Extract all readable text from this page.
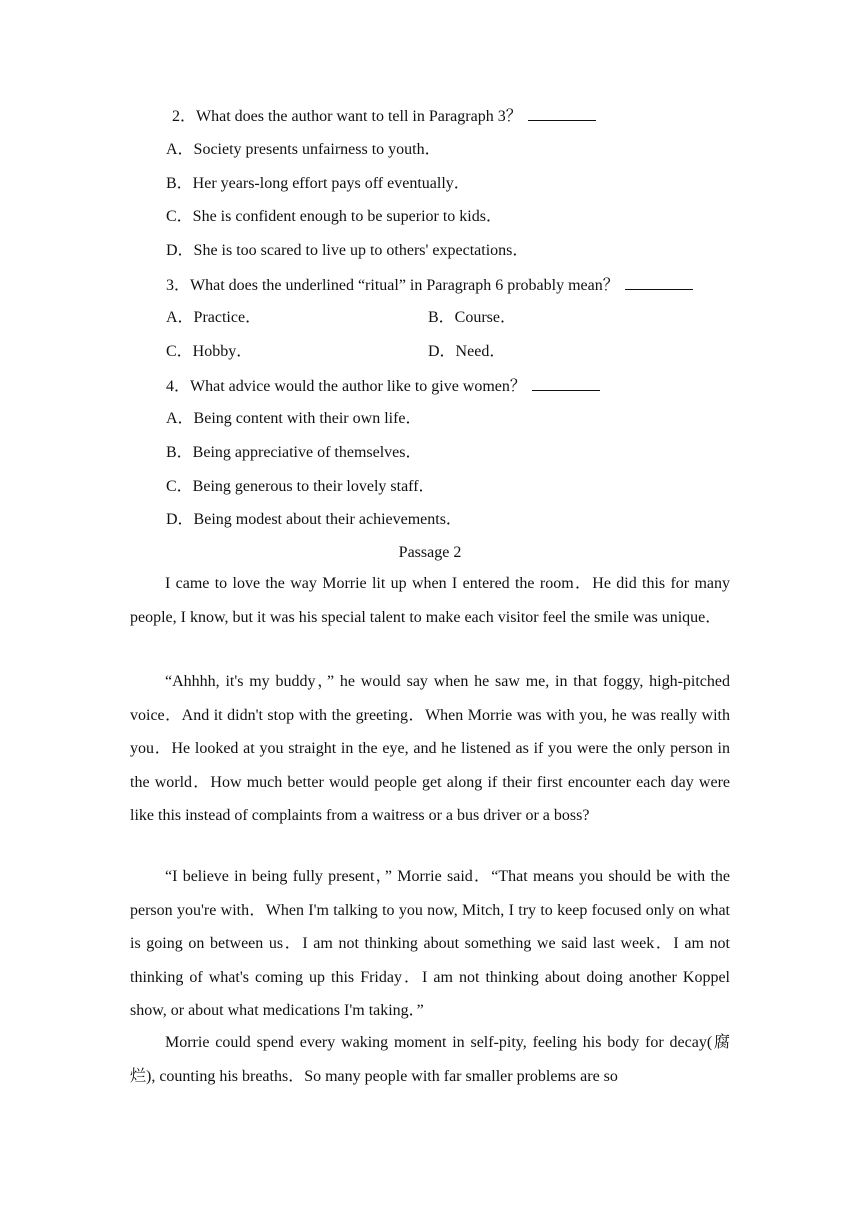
2．What does the author want to tell in Paragraph 3？
A．Society presents unfairness to youth．
B．Her years-long effort pays off eventually．
C．She is confident enough to be superior to kids．
D．She is too scared to live up to others' expectations．
3．What does the underlined “ritual” in Paragraph 6 probably mean？
A．Practice．	B．Course．
C．Hobby．	D．Need．
4．What advice would the author like to give women？
A．Being content with their own life．
B．Being appreciative of themselves．
C．Being generous to their lovely staff．
D．Being modest about their achievements．
Passage 2

I came to love the way Morrie lit up when I entered the room．He did this for many people, I know, but it was his special talent to make each visitor feel the smile was unique．

“Ahhhh, it's my buddy，” he would say when he saw me, in that foggy, high-pitched voice．And it didn't stop with the greeting．When Morrie was with you, he was really with you．He looked at you straight in the eye, and he listened as if you were the only person in the world．How much better would people get along if their first encounter each day were like this instead of complaints from a waitress or a bus driver or a boss?

“I believe in being fully present，” Morrie said．“That means you should be with the person you're with．When I'm talking to you now, Mitch, I try to keep focused only on what is going on between us．I am not thinking about something we said last week．I am not thinking of what's coming up this Friday．I am not thinking about doing another Koppel show, or about what medications I'm taking．”

Morrie could spend every waking moment in self-pity, feeling his body for decay(腐烂), counting his breaths．So many people with far smaller problems are so
